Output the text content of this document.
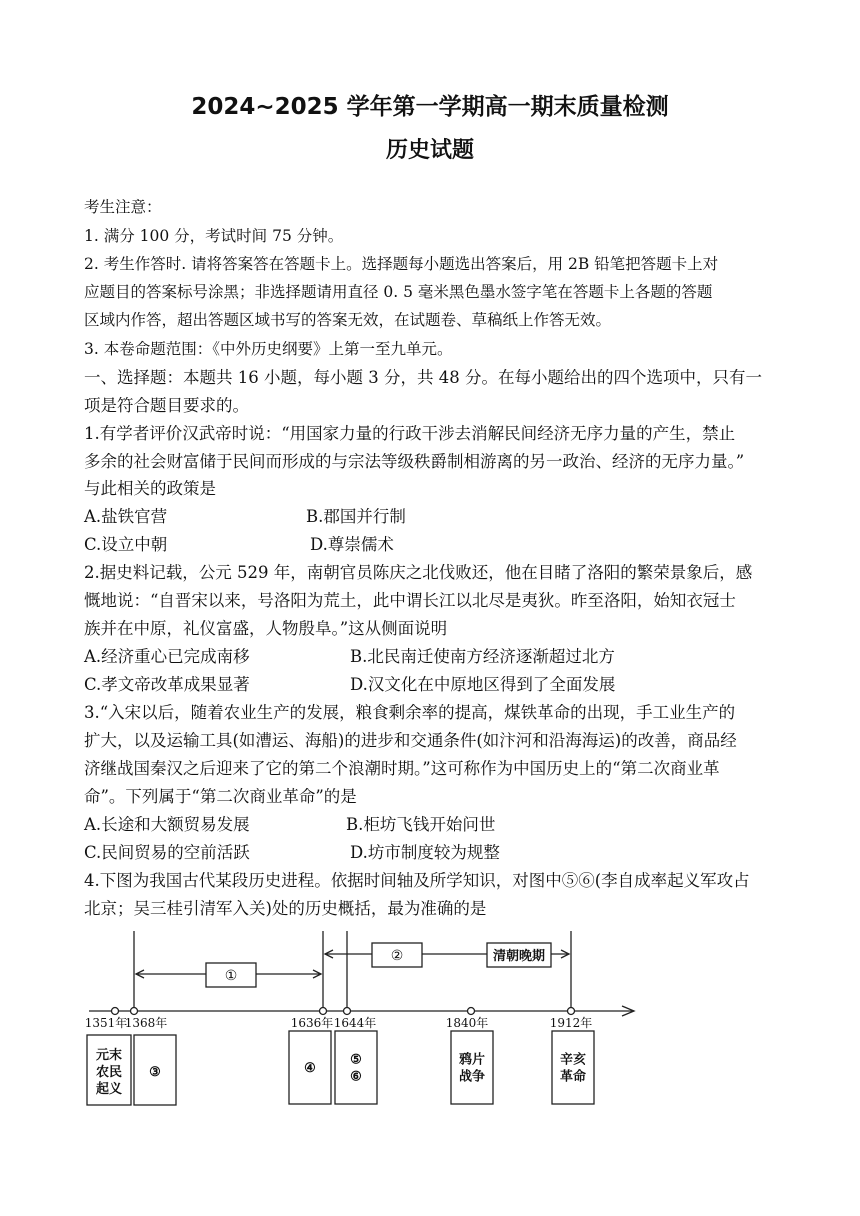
2024~2025 学年第一学期高一期末质量检测
历史试题
考生注意：
1. 满分 100 分，考试时间 75 分钟。
2. 考生作答时. 请将答案答在答题卡上。选择题每小题选出答案后，用 2B 铅笔把答题卡上对
应题目的答案标号涂黑；非选择题请用直径 0. 5 毫米黑色墨水签字笔在答题卡上各题的答题
区域内作答，超出答题区域书写的答案无效，在试题卷、草稿纸上作答无效。
3. 本卷命题范围：《中外历史纲要》上第一至九单元。
一、选择题：本题共 16 小题，每小题 3 分，共 48 分。在每小题给出的四个选项中，只有一
项是符合题目要求的。
1.有学者评价汉武帝时说：“用国家力量的行政干涉去消解民间经济无序力量的产生，禁止
多余的社会财富储于民间而形成的与宗法等级秩爵制相游离的另一政治、经济的无序力量。”
与此相关的政策是
A.盐铁官营	B.郡国并行制
C.设立中朝	D.尊崇儒术
2.据史料记载，公元 529 年，南朝官员陈庆之北伐败还，他在目睹了洛阳的繁荣景象后，感
慨地说：“自晋宋以来，号洛阳为荒土，此中谓长江以北尽是夷狄。昨至洛阳，始知衣冠士
族并在中原，礼仪富盛，人物殷阜。”这从侧面说明
A.经济重心已完成南移	B.北民南迁使南方经济逐渐超过北方
C.孝文帝改革成果显著	D.汉文化在中原地区得到了全面发展
3.“入宋以后，随着农业生产的发展，粮食剩余率的提高，煤铁革命的出现，手工业生产的
扩大，以及运输工具(如漕运、海船)的进步和交通条件(如汴河和沿海海运)的改善，商品经
济继战国秦汉之后迎来了它的第二个浪潮时期。”这可称作为中国历史上的“第二次商业革
命”。下列属于“第二次商业革命”的是
A.长途和大额贸易发展	B.柜坊飞钱开始问世
C.民间贸易的空前活跃	D.坊市制度较为规整
4.下图为我国古代某段历史进程。依据时间轴及所学知识，对图中⑤⑥(李自成率起义军攻占
北京；吴三桂引清军入关)处的历史概括，最为准确的是
1351年
1368年	1636年 1644年	1840年	1912年
①
②	清朝晚期
元末
农民
起义
③	④
⑤
⑥
鸦片
战争
辛亥
革命
